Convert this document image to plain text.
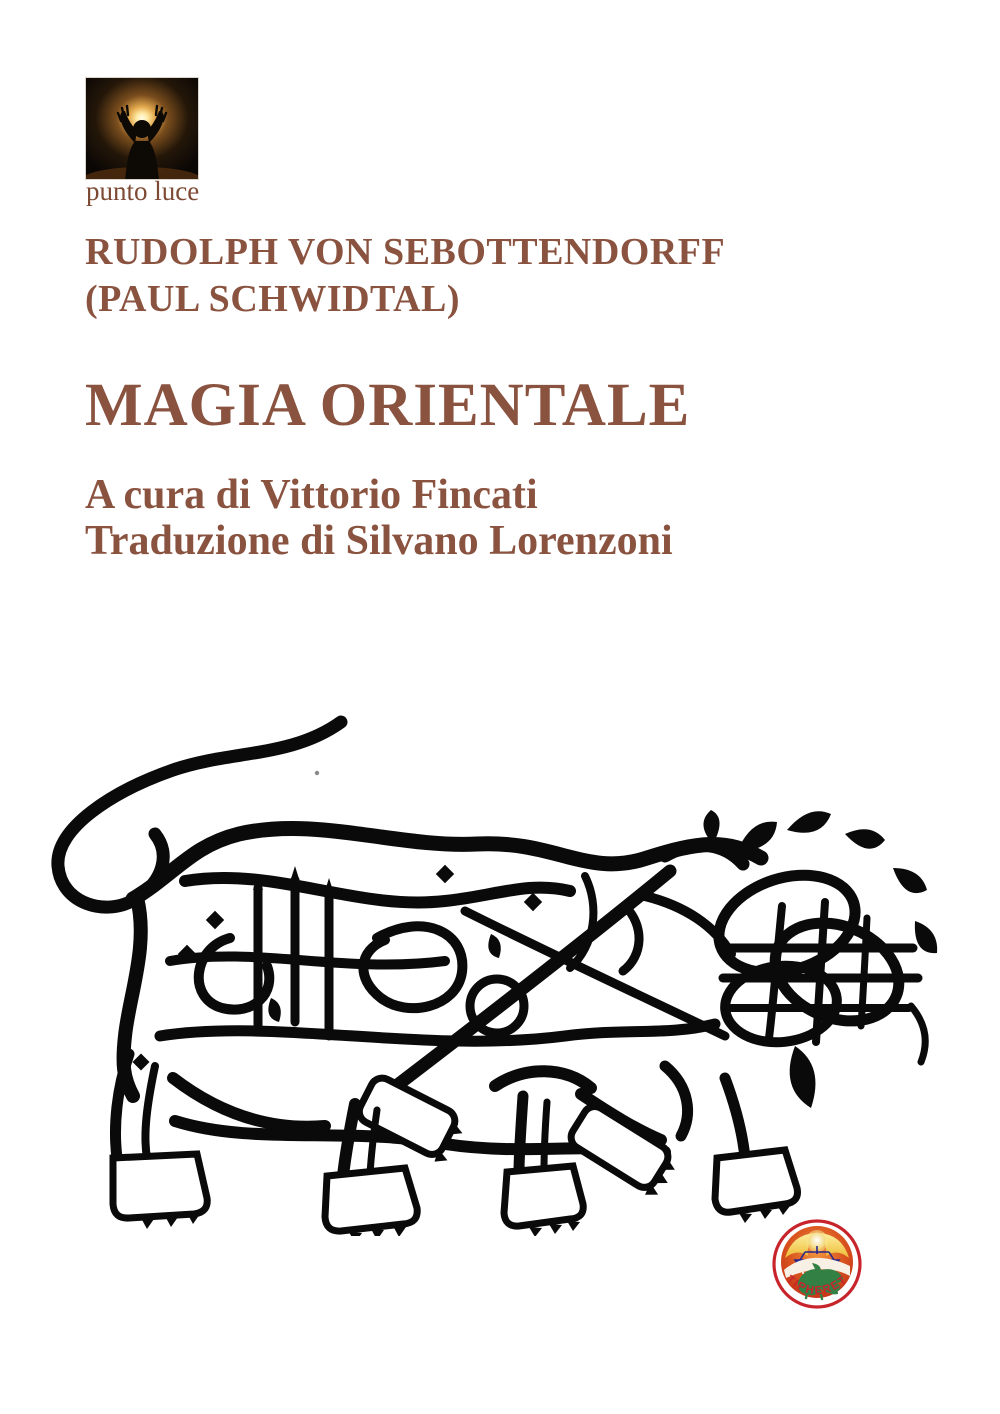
punto luce
RUDOLPH VON SEBOTTENDORFF
(PAUL SCHWIDTAL)
MAGIA ORIENTALE
A cura di Vittorio Fincati
Traduzione di Silvano Lorenzoni
TIPHERET
